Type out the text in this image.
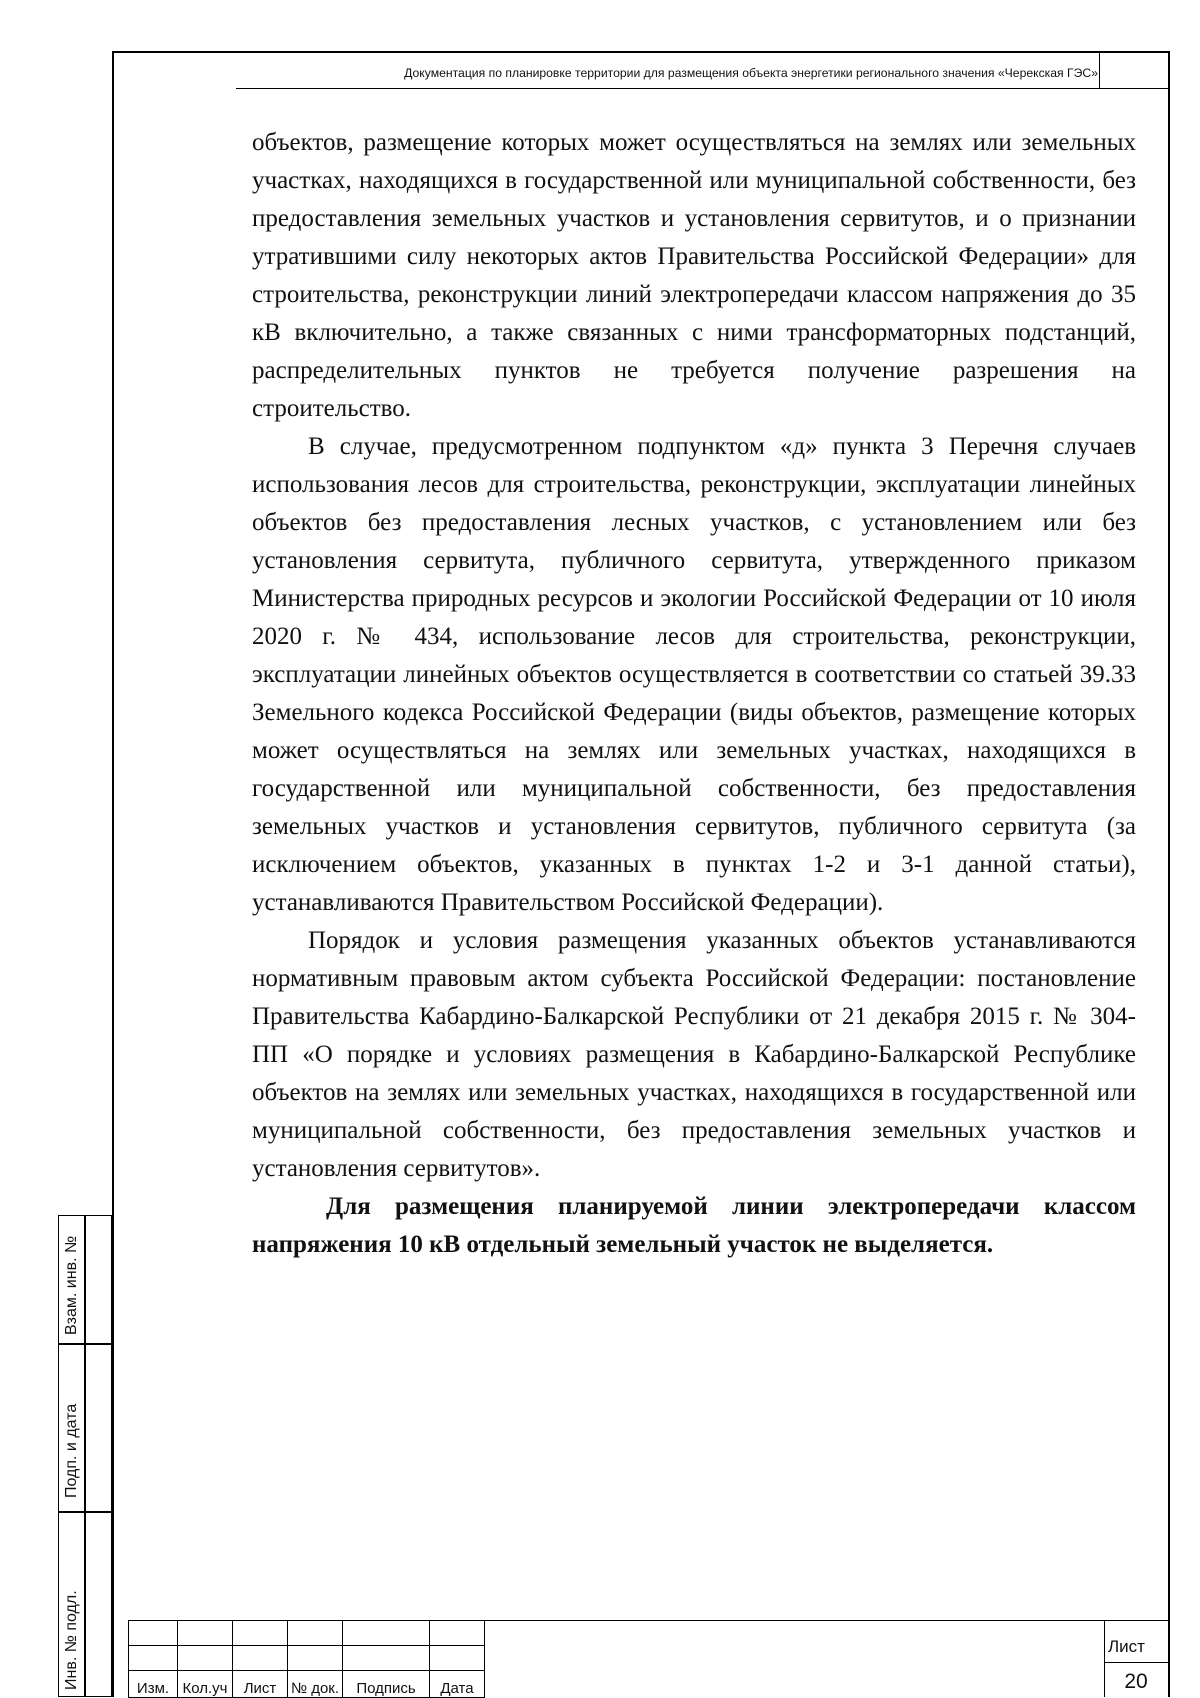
Документация по планировке территории для размещения объекта энергетики регионального значения «Черекская ГЭС»

объектов, размещение которых может осуществляться на землях или земельных участках, находящихся в государственной или муниципальной собственности, без предоставления земельных участков и установления сервитутов, и о признании утратившими силу некоторых актов Правительства Российской Федерации» для строительства, реконструкции линий электропередачи классом напряжения до 35 кВ включительно, а также связанных с ними трансформаторных подстанций, распределительных пунктов не требуется получение разрешения на строительство.

В случае, предусмотренном подпунктом «д» пункта 3 Перечня случаев использования лесов для строительства, реконструкции, эксплуатации линейных объектов без предоставления лесных участков, с установлением или без установления сервитута, публичного сервитута, утвержденного приказом Министерства природных ресурсов и экологии Российской Федерации от 10 июля 2020 г. № 434, использование лесов для строительства, реконструкции, эксплуатации линейных объектов осуществляется в соответствии со статьей 39.33 Земельного кодекса Российской Федерации (виды объектов, размещение которых может осуществляться на землях или земельных участках, находящихся в государственной или муниципальной собственности, без предоставления земельных участков и установления сервитутов, публичного сервитута (за исключением объектов, указанных в пунктах 1-2 и 3-1 данной статьи), устанавливаются Правительством Российской Федерации).

Порядок и условия размещения указанных объектов устанавливаются нормативным правовым актом субъекта Российской Федерации: постановление Правительства Кабардино-Балкарской Республики от 21 декабря 2015 г. № 304-ПП «О порядке и условиях размещения в Кабардино-Балкарской Республике объектов на землях или земельных участках, находящихся в государственной или муниципальной собственности, без предоставления земельных участков и установления сервитутов».

Для размещения планируемой линии электропередачи классом напряжения 10 кВ отдельный земельный участок не выделяется.

Взам. инв. №
Подп. и дата
Инв. № подл.

						Изм.	Кол.уч	Лист	№ док.	Подпись	Дата
Лист
20
